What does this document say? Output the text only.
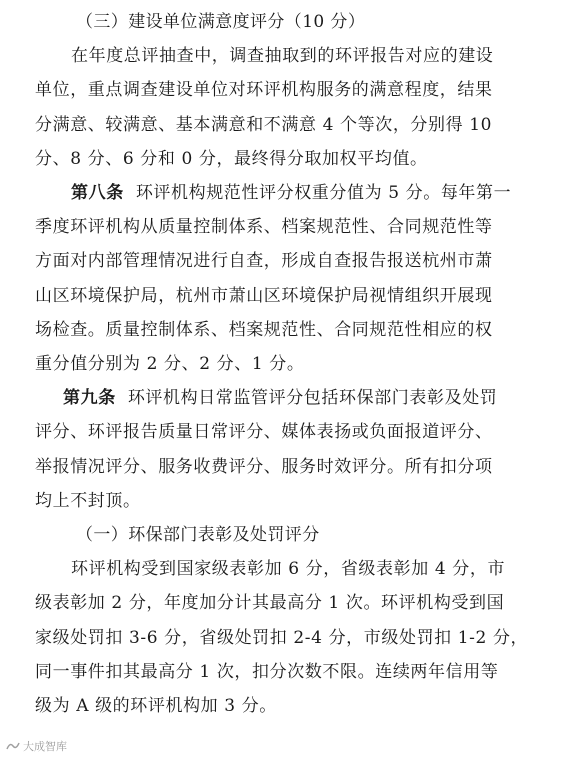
（三）建设单位满意度评分（10 分）
在年度总评抽查中，调查抽取到的环评报告对应的建设
单位，重点调查建设单位对环评机构服务的满意程度，结果
分满意、较满意、基本满意和不满意 4 个等次，分别得 10
分、8 分、6 分和 0 分，最终得分取加权平均值。
第八条 环评机构规范性评分权重分值为 5 分。每年第一
季度环评机构从质量控制体系、档案规范性、合同规范性等
方面对内部管理情况进行自查，形成自查报告报送杭州市萧
山区环境保护局，杭州市萧山区环境保护局视情组织开展现
场检查。质量控制体系、档案规范性、合同规范性相应的权
重分值分别为 2 分、2 分、1 分。
第九条 环评机构日常监管评分包括环保部门表彰及处罚
评分、环评报告质量日常评分、媒体表扬或负面报道评分、
举报情况评分、服务收费评分、服务时效评分。所有扣分项
均上不封顶。
（一）环保部门表彰及处罚评分
环评机构受到国家级表彰加 6 分，省级表彰加 4 分，市
级表彰加 2 分，年度加分计其最高分 1 次。环评机构受到国
家级处罚扣 3-6 分，省级处罚扣 2-4 分，市级处罚扣 1-2 分，
大成智库
同一事件扣其最高分 1 次，扣分次数不限。连续两年信用等
级为 A 级的环评机构加 3 分。
